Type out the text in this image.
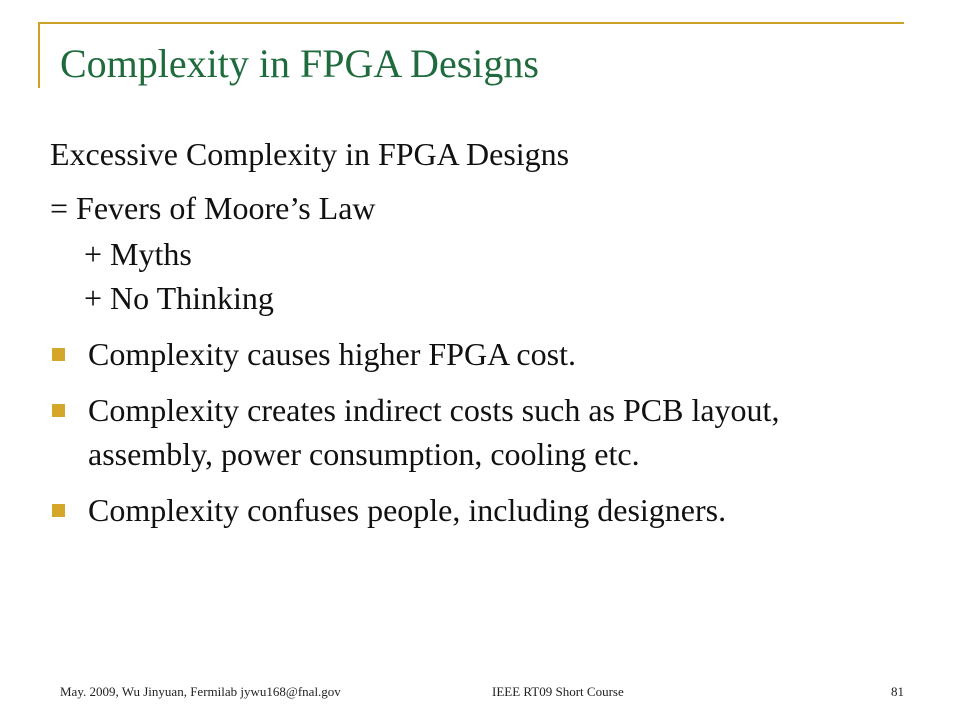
Complexity in FPGA Designs
Excessive Complexity in FPGA Designs
= Fevers of Moore’s Law
+ Myths
+ No Thinking
Complexity causes higher FPGA cost.
Complexity creates indirect costs such as PCB layout, assembly, power consumption, cooling etc.
Complexity confuses people, including designers.
May. 2009, Wu Jinyuan, Fermilab jywu168@fnal.gov	IEEE RT09 Short Course	81
